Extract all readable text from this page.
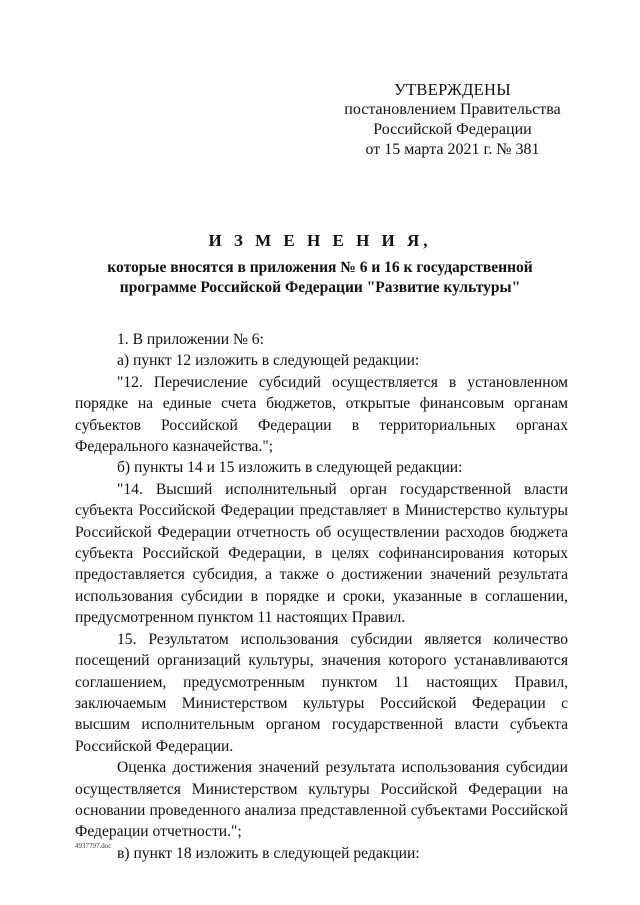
УТВЕРЖДЕНЫ
постановлением Правительства
Российской Федерации
от 15 марта 2021 г. № 381
И З М Е Н Е Н И Я,
которые вносятся в приложения № 6 и 16 к государственной
программе Российской Федерации "Развитие культуры"

1. В приложении № 6:

а) пункт 12 изложить в следующей редакции:

"12. Перечисление субсидий осуществляется в установленном порядке на единые счета бюджетов, открытые финансовым органам субъектов Российской Федерации в территориальных органах Федерального казначейства.";

б) пункты 14 и 15 изложить в следующей редакции:

"14. Высший исполнительный орган государственной власти субъекта Российской Федерации представляет в Министерство культуры Российской Федерации отчетность об осуществлении расходов бюджета субъекта Российской Федерации, в целях софинансирования которых предоставляется субсидия, а также о достижении значений результата использования субсидии в порядке и сроки, указанные в соглашении, предусмотренном пунктом 11 настоящих Правил.

15. Результатом использования субсидии является количество посещений организаций культуры, значения которого устанавливаются соглашением, предусмотренным пунктом 11 настоящих Правил, заключаемым Министерством культуры Российской Федерации с высшим исполнительным органом государственной власти субъекта Российской Федерации.

Оценка достижения значений результата использования субсидии осуществляется Министерством культуры Российской Федерации на основании проведенного анализа представленной субъектами Российской Федерации отчетности.";

в) пункт 18 изложить в следующей редакции:

4937797.doc
